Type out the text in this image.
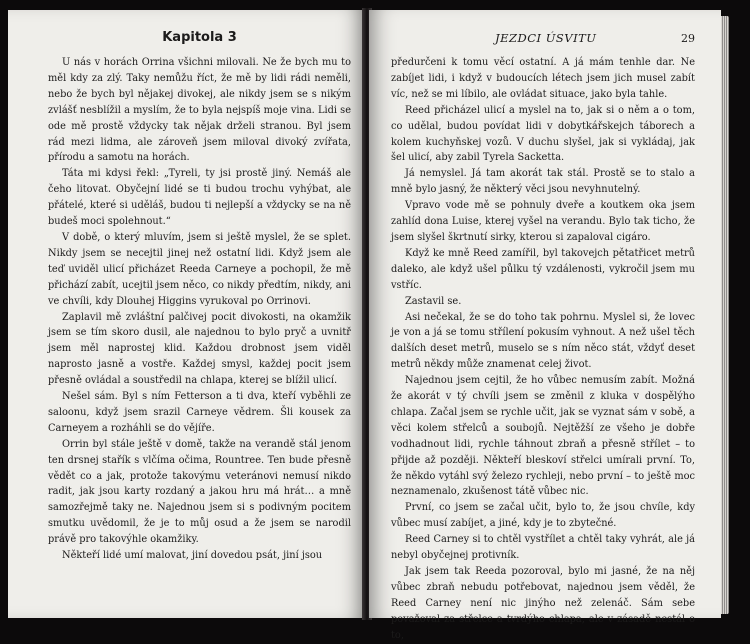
Kapitola 3

U nás v horách Orrina všichni milovali. Ne že bych mu to měl kdy za zlý. Taky nemůžu říct, že mě by lidi rádi neměli, nebo že bych byl nějakej divokej, ale nikdy jsem se s nikým zvlášť nesblížil a myslím, že to byla nejspíš moje vina. Lidi se ode mě prostě vždycky tak nějak drželi stranou. Byl jsem rád mezi lidma, ale zároveň jsem miloval divoký zvířata, přírodu a samotu na horách.

Táta mi kdysi řekl: „Tyreli, ty jsi prostě jiný. Nemáš ale čeho litovat. Obyčejní lidé se ti budou trochu vyhýbat, ale přátelé, které si uděláš, budou ti nejlepší a vždycky se na ně budeš moci spolehnout.“

V době, o který mluvím, jsem si ještě myslel, že se splet. Nikdy jsem se necejtil jinej než ostatní lidi. Když jsem ale teď uviděl ulicí přicházet Reeda Carneye a pochopil, že mě přichází zabít, ucejtil jsem něco, co nikdy předtím, nikdy, ani ve chvíli, kdy Dlouhej Higgins vyrukoval po Orrinovi.

Zaplavil mě zvláštní palčivej pocit divokosti, na okamžik jsem se tím skoro dusil, ale najednou to bylo pryč a uvnitř jsem měl naprostej klid. Každou drobnost jsem viděl naprosto jasně a vostře. Každej smysl, každej pocit jsem přesně ovládal a soustředil na chlapa, kterej se blížil ulicí.

Nešel sám. Byl s ním Fetterson a ti dva, kteří vyběhli ze saloonu, když jsem srazil Carneye vědrem. Šli kousek za Carneyem a rozháhli se do vějíře.

Orrin byl stále ještě v domě, takže na verandě stál jenom ten drsnej stařík s vlčíma očima, Rountree. Ten bude přesně vědět co a jak, protože takovýmu veteránovi nemusí nikdo radit, jak jsou karty rozdaný a jakou hru má hrát… a mně samozřejmě taky ne. Najednou jsem si s podivným pocitem smutku uvědomil, že je to můj osud a že jsem se narodil právě pro takovýhle okamžiky.

Někteří lidé umí malovat, jiní dovedou psát, jiní jsou

JEZDCI ÚSVITU	29

předurčeni k tomu věcí ostatní. A já mám tenhle dar. Ne zabíjet lidi, i když v budoucích létech jsem jich musel zabít víc, než se mi líbilo, ale ovládat situace, jako byla tahle.

Reed přicházel ulicí a myslel na to, jak si o něm a o tom, co udělal, budou povídat lidi v dobytkářskejch táborech a kolem kuchyňskej vozů. V duchu slyšel, jak si vykládaj, jak šel ulicí, aby zabil Tyrela Sacketta.

Já nemyslel. Já tam akorát tak stál. Prostě se to stalo a mně bylo jasný, že některý věci jsou nevyhnutelný.

Vpravo vode mě se pohnuly dveře a koutkem oka jsem zahlíd dona Luise, kterej vyšel na verandu. Bylo tak ticho, že jsem slyšel škrtnutí sirky, kterou si zapaloval cigáro.

Když ke mně Reed zamířil, byl takovejch pětatřicet metrů daleko, ale když ušel půlku tý vzdálenosti, vykročil jsem mu vstříc.

Zastavil se.

Asi nečekal, že se do toho tak pohrnu. Myslel si, že lovec je von a já se tomu střílení pokusím vyhnout. A než ušel těch dalších deset metrů, muselo se s ním něco stát, vždyť deset metrů někdy může znamenat celej život.

Najednou jsem cejtil, že ho vůbec nemusím zabít. Možná že akorát v tý chvíli jsem se změnil z kluka v dospělýho chlapa. Začal jsem se rychle učit, jak se vyznat sám v sobě, a věci kolem střelců a soubojů. Nejtěžší ze všeho je dobře vodhadnout lidi, rychle táhnout zbraň a přesně střílet – to přijde až později. Někteří bleskoví střelci umírali první. To, že někdo vytáhl svý železo rychleji, nebo první – to ještě moc neznamenalo, zkušenost tátě vůbec nic.

První, co jsem se začal učit, bylo to, že jsou chvíle, kdy vůbec musí zabíjet, a jiné, kdy je to zbytečné.

Reed Carney si to chtěl vystřílet a chtěl taky vyhrát, ale já nebyl obyčejnej protivník.

Jak jsem tak Reeda pozoroval, bylo mi jasné, že na něj vůbec zbraň nebudu potřebovat, najednou jsem věděl, že Reed Carney není nic jinýho než zelenáč. Sám sebe považoval za střelce a tvrdýho chlapa, ale v zásadě nestál o to,
